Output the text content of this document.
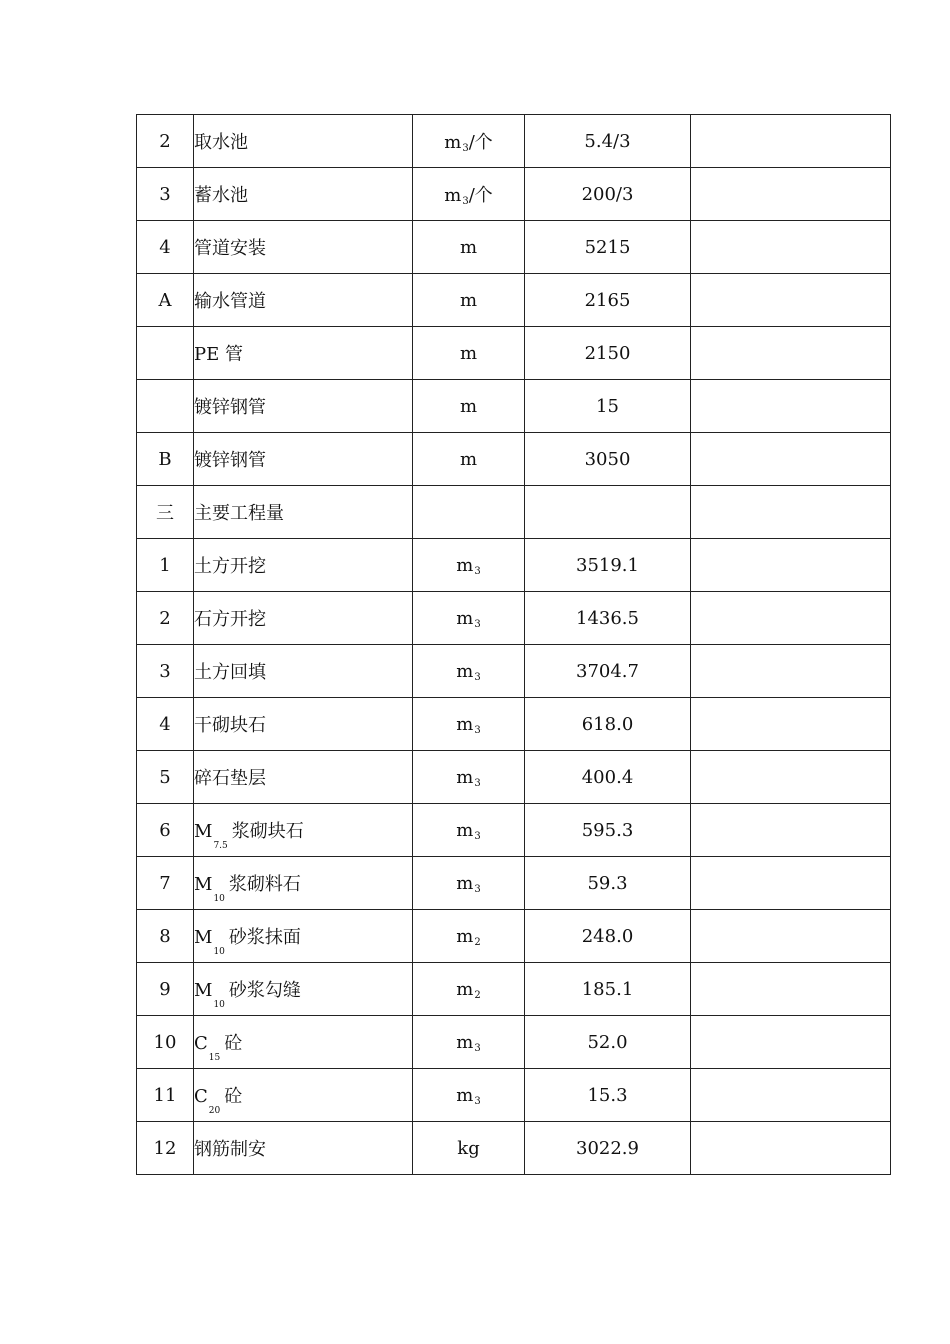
2	取水池	m3/个	5.4/3	
3	蓄水池	m3/个	200/3	
4	管道安装	m	5215	
A	输水管道	m	2165	
	PE 管	m	2150	
	镀锌钢管	m	15	
B	镀锌钢管	m	3050	
三	主要工程量			
1	土方开挖	m3	3519.1	
2	石方开挖	m3	1436.5	
3	土方回填	m3	3704.7	
4	干砌块石	m3	618.0	
5	碎石垫层	m3	400.4	
6	$M_{7.5}$浆砌块石	m3	595.3	
7	$M_{10}$浆砌料石	m3	59.3	
8	$M_{10}$砂浆抹面	m2	248.0	
9	$M_{10}$砂浆勾缝	m2	185.1	
10	$C_{15}$砼	m3	52.0	
11	$C_{20}$砼	m3	15.3	
12	钢筋制安	kg	3022.9	
